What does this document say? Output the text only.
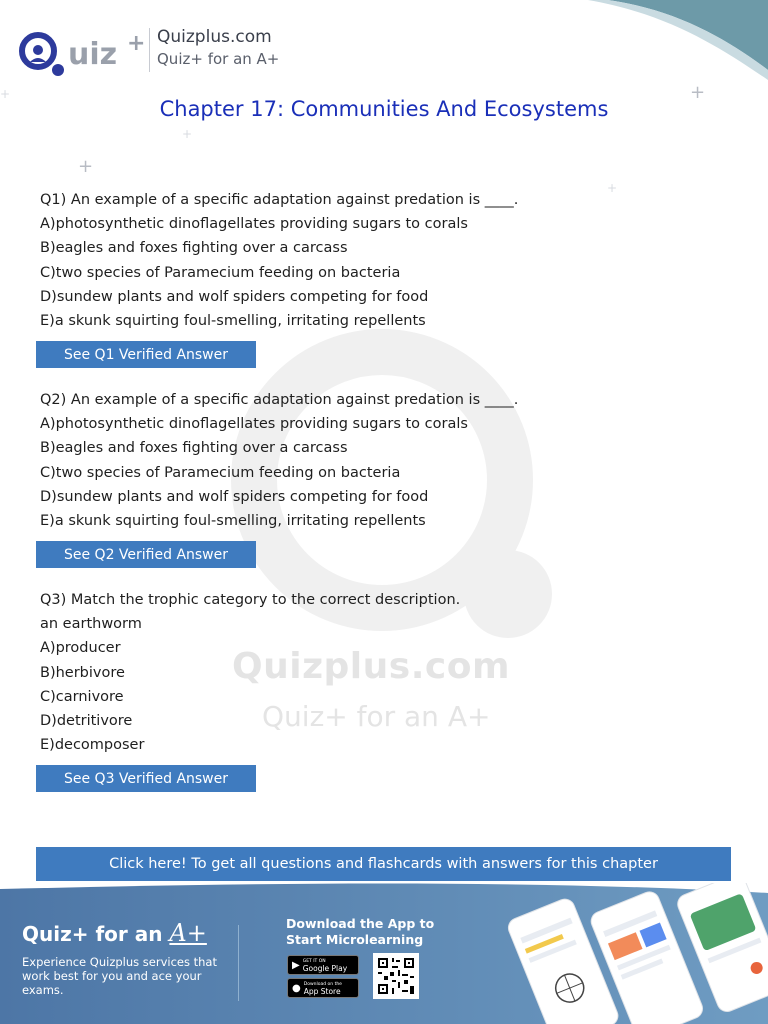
+
+
+
+
+
Quizplus.com
Quiz+ for an A+
uiz + Quizplus.com
Quiz+ for an A+
Chapter 17: Communities And Ecosystems
Q1) An example of a specific adaptation against predation is ____.
A)photosynthetic dinoflagellates providing sugars to corals
B)eagles and foxes fighting over a carcass
C)two species of Paramecium feeding on bacteria
D)sundew plants and wolf spiders competing for food
E)a skunk squirting foul-smelling, irritating repellents
See Q1 Verified Answer
Q2) An example of a specific adaptation against predation is ____.
A)photosynthetic dinoflagellates providing sugars to corals
B)eagles and foxes fighting over a carcass
C)two species of Paramecium feeding on bacteria
D)sundew plants and wolf spiders competing for food
E)a skunk squirting foul-smelling, irritating repellents
See Q2 Verified Answer
Q3) Match the trophic category to the correct description.
an earthworm
A)producer
B)herbivore
C)carnivore
D)detritivore
E)decomposer
See Q3 Verified Answer
Click here! To get all questions and flashcards with answers for this chapter
Quiz+ for an A+
Experience Quizplus services that work best for you and ace your exams.
Download the App to Start Microlearning
▶ GET IT ON
Google Play
● Download on the
App Store
